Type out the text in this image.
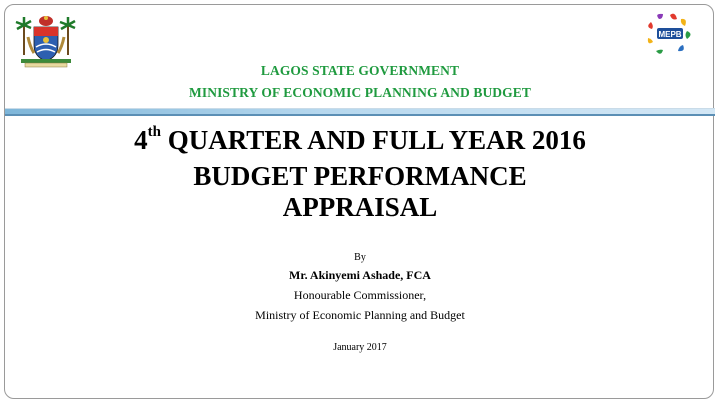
MEPB
LAGOS STATE GOVERNMENT
MINISTRY OF ECONOMIC PLANNING AND BUDGET
4th QUARTER AND FULL YEAR 2016
BUDGET PERFORMANCE
APPRAISAL
By
Mr. Akinyemi Ashade, FCA
Honourable Commissioner,
Ministry of Economic Planning and Budget
January 2017
